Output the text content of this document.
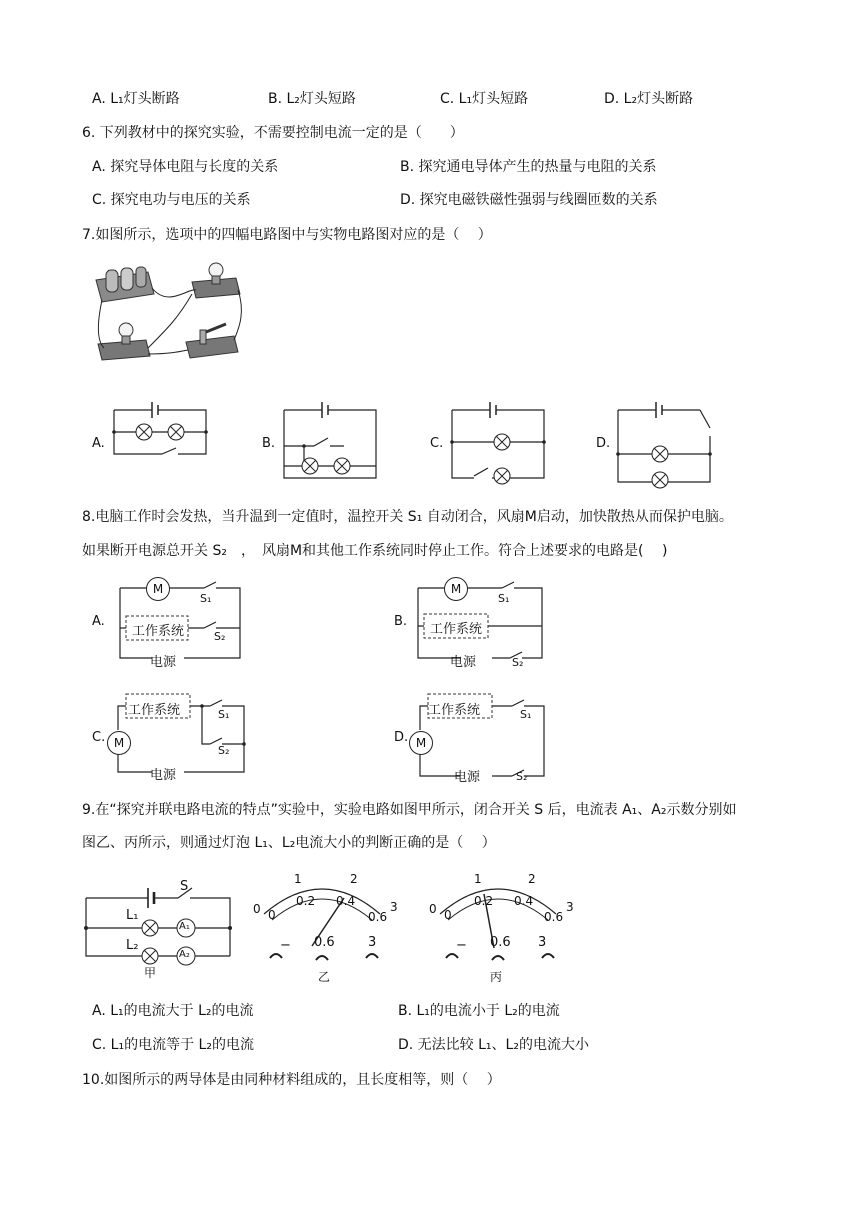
A. L₁灯头断路	B. L₂灯头短路	C. L₁灯头短路	D. L₂灯头断路
6. 下列教材中的探究实验，不需要控制电流一定的是（　　）
A. 探究导体电阻与长度的关系	B. 探究通电导体产生的热量与电阻的关系
C. 探究电功与电压的关系	D. 探究电磁铁磁性强弱与线圈匝数的关系
7.如图所示，选项中的四幅电路图中与实物电路图对应的是（　 ）
A.	B.	C.	D.
8.电脑工作时会发热，当升温到一定值时，温控开关 S₁ 自动闭合，风扇M启动，加快散热从而保护电脑。
如果断开电源总开关 S₂　，　风扇M和其他工作系统同时停止工作。符合上述要求的电路是(　 )
A.
M
S₁
工作系统	S₂
电源
B.
M
S₁
工作系统
电源	S₂
C.
工作系统	S₁
S₂
M
电源
D.
工作系统	S₁
M
电源	S₂
9.在“探究并联电路电流的特点”实验中，实验电路如图甲所示，闭合开关 S 后，电流表 A₁、A₂示数分别如
图乙、丙所示，则通过灯泡 L₁、L₂电流大小的判断正确的是（　 ）
S
L₁
L₂
A₁
A₂
甲
0
1	2
3
0
0.2 0.4
0.6
− 0.6	3
乙
0
1	2
3
0
0.2 0.4
0.6
− 0.6 3
丙
A. L₁的电流大于 L₂的电流	B. L₁的电流小于 L₂的电流
C. L₁的电流等于 L₂的电流	D. 无法比较 L₁、L₂的电流大小
10.如图所示的两导体是由同种材料组成的，且长度相等，则（　 ）
